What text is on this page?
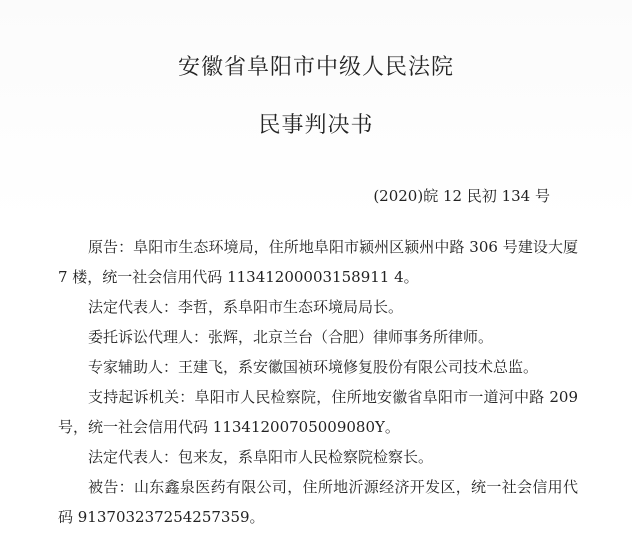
安徽省阜阳市中级人民法院
民事判决书
(2020)皖 12 民初 134 号

原告：阜阳市生态环境局，住所地阜阳市颍州区颍州中路 306 号建设大厦 7 楼，统一社会信用代码 11341200003158911 4。

法定代表人：李哲，系阜阳市生态环境局局长。

委托诉讼代理人：张辉，北京兰台（合肥）律师事务所律师。

专家辅助人：王建飞，系安徽国祯环境修复股份有限公司技术总监。

支持起诉机关：阜阳市人民检察院，住所地安徽省阜阳市一道河中路 209 号，统一社会信用代码 11341200705009080Y。

法定代表人：包来友，系阜阳市人民检察院检察长。

被告：山东鑫泉医药有限公司，住所地沂源经济开发区，统一社会信用代码 913703237254257359。
